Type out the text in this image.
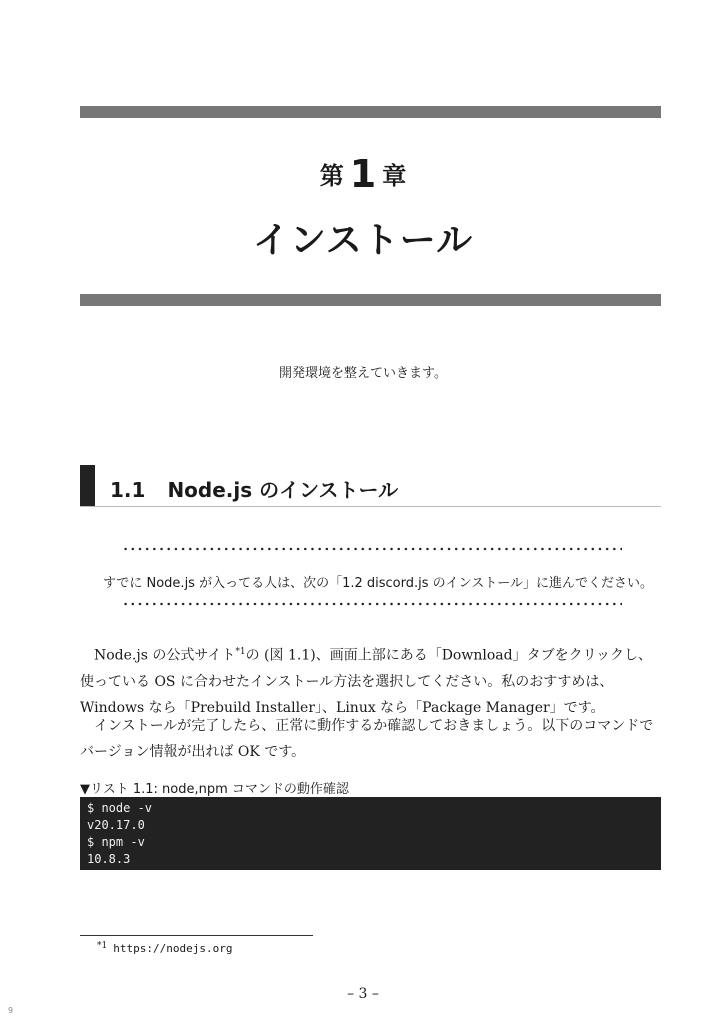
第 1 章
インストール
開発環境を整えていきます。
1.1 Node.js のインストール
すでに Node.js が入ってる人は、次の「1.2 discord.js のインストール」に進んでください。

Node.js の公式サイト$^{*1}$の (図 1.1)、画面上部にある「Download」タブをクリックし、使っている OS に合わせたインストール方法を選択してください。私のおすすめは、Windows なら「Prebuild Installer」、Linux なら「Package Manager」です。

インストールが完了したら、正常に動作するか確認しておきましょう。以下のコマンドでバージョン情報が出れば OK です。

▼リスト 1.1: node,npm コマンドの動作確認
$ node -v
v20.17.0
$ npm -v
10.8.3
$^{*1}$ https://nodejs.org
– 3 –
9
